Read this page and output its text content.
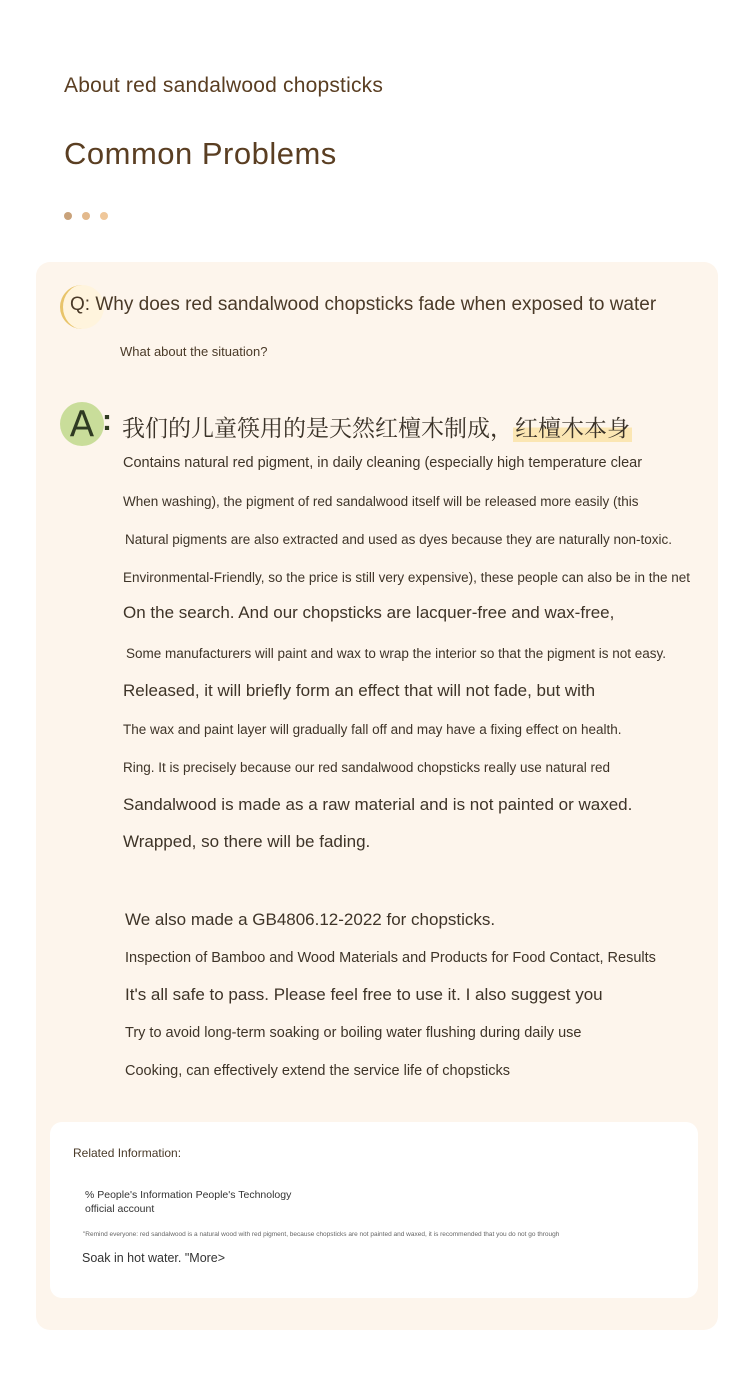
About red sandalwood chopsticks
Common Problems
Q: Why does red sandalwood chopsticks fade when exposed to water
What about the situation?
A : 我们的儿童筷用的是天然红檀木制成，红檀木本身
Contains natural red pigment, in daily cleaning (especially high temperature clear
When washing), the pigment of red sandalwood itself will be released more easily (this
Natural pigments are also extracted and used as dyes because they are naturally non-toxic.
Environmental-Friendly, so the price is still very expensive), these people can also be in the net
On the search. And our chopsticks are lacquer-free and wax-free,
Some manufacturers will paint and wax to wrap the interior so that the pigment is not easy.
Released, it will briefly form an effect that will not fade, but with
The wax and paint layer will gradually fall off and may have a fixing effect on health.
Ring. It is precisely because our red sandalwood chopsticks really use natural red
Sandalwood is made as a raw material and is not painted or waxed.
Wrapped, so there will be fading.
We also made a GB4806.12-2022 for chopsticks.
Inspection of Bamboo and Wood Materials and Products for Food Contact, Results
It's all safe to pass. Please feel free to use it. I also suggest you
Try to avoid long-term soaking or boiling water flushing during daily use
Cooking, can effectively extend the service life of chopsticks
Related Information:
% People's Information People's Technology
official account
"Remind everyone: red sandalwood is a natural wood with red pigment, because chopsticks are not painted and waxed, it is recommended that you do not go through
Soak in hot water. "More>
